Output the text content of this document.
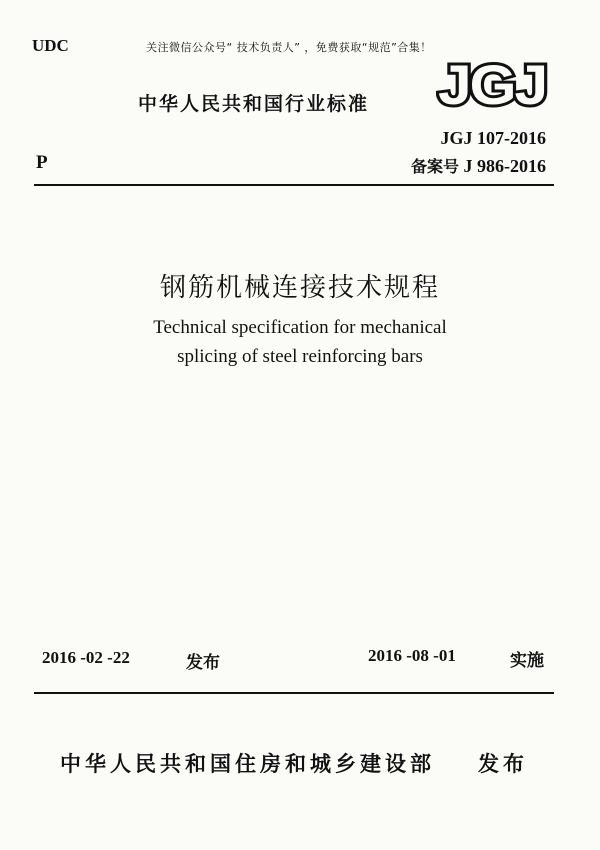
UDC	关注微信公众号“ 技术负责人” ，免费获取“规范”合集！
中华人民共和国行业标准 JGJ
JGJ 107-2016
备案号 J 986-2016
P
钢筋机械连接技术规程
Technical specification for mechanical
splicing of steel reinforcing bars
2016 -02 -22	发布	2016 -08 -01	实施
中华人民共和国住房和城乡建设部 发布
